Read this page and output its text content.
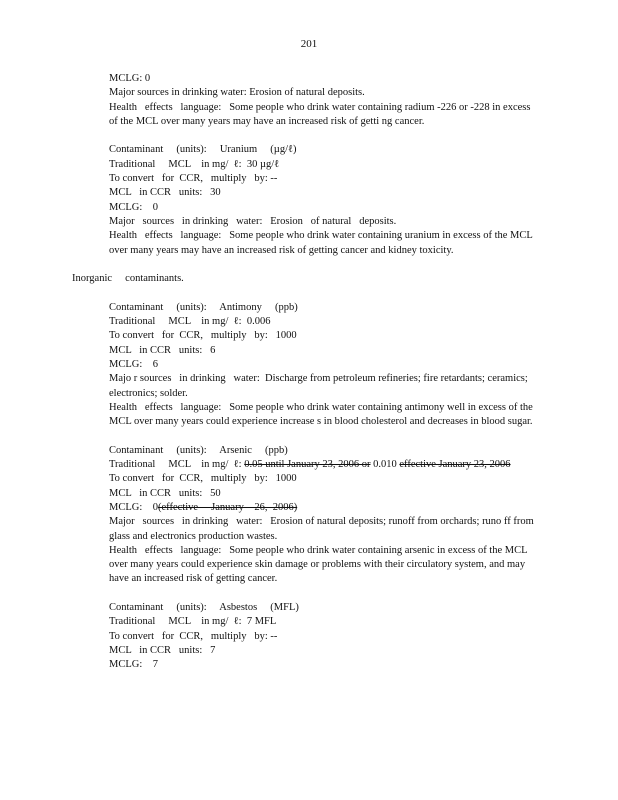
201
MCLG: 0
Major sources in drinking water: Erosion of natural deposits.
Health   effects   language: Some people who drink water containing radium -226 or -228 in excess of the MCL over many years may have an increased risk of getti ng cancer.
Contaminant     (units):     Uranium     (µg/ℓ)
Traditional     MCL    in mg/  ℓ:  30 µg/ℓ
To convert   for  CCR,   multiply   by: --
MCL   in CCR   units:   30
MCLG:    0
Major   sources   in drinking   water:   Erosion   of natural   deposits.
Health   effects   language: Some people who drink water containing uranium in excess of the MCL over many years may have an increased risk of getting cancer and kidney toxicity.
Inorganic     contaminants.
Contaminant     (units):     Antimony     (ppb)
Traditional     MCL    in mg/  ℓ:  0.006
To convert   for  CCR,   multiply   by:   1000
MCL   in CCR   units:   6
MCLG:    6
Majo r sources   in drinking   water: Discharge from petroleum refineries; fire retardants; ceramics; electronics; solder.
Health   effects   language: Some people who drink water containing antimony well in excess of the MCL over many years could experience increase s in blood cholesterol and decreases in blood sugar.
Contaminant     (units):     Arsenic     (ppb)
Traditional     MCL    in mg/  ℓ: 0.05 until January 23, 2006 or 0.010 effective January 23, 2006
To convert   for  CCR,   multiply   by:   1000
MCL   in CCR   units:   50
MCLG:    0(effective     January    26,  2006)
Major   sources   in drinking   water: Erosion of natural deposits; runoff from orchards; runo ff from glass and electronics production wastes.
Health   effects   language: Some people who drink water containing arsenic in excess of the MCL over many years could experience skin damage or problems with their circulatory system, and may have an increased risk of getting cancer.
Contaminant     (units):     Asbestos     (MFL)
Traditional     MCL    in mg/  ℓ:  7 MFL
To convert   for  CCR,   multiply   by: --
MCL   in CCR   units:   7
MCLG:    7
